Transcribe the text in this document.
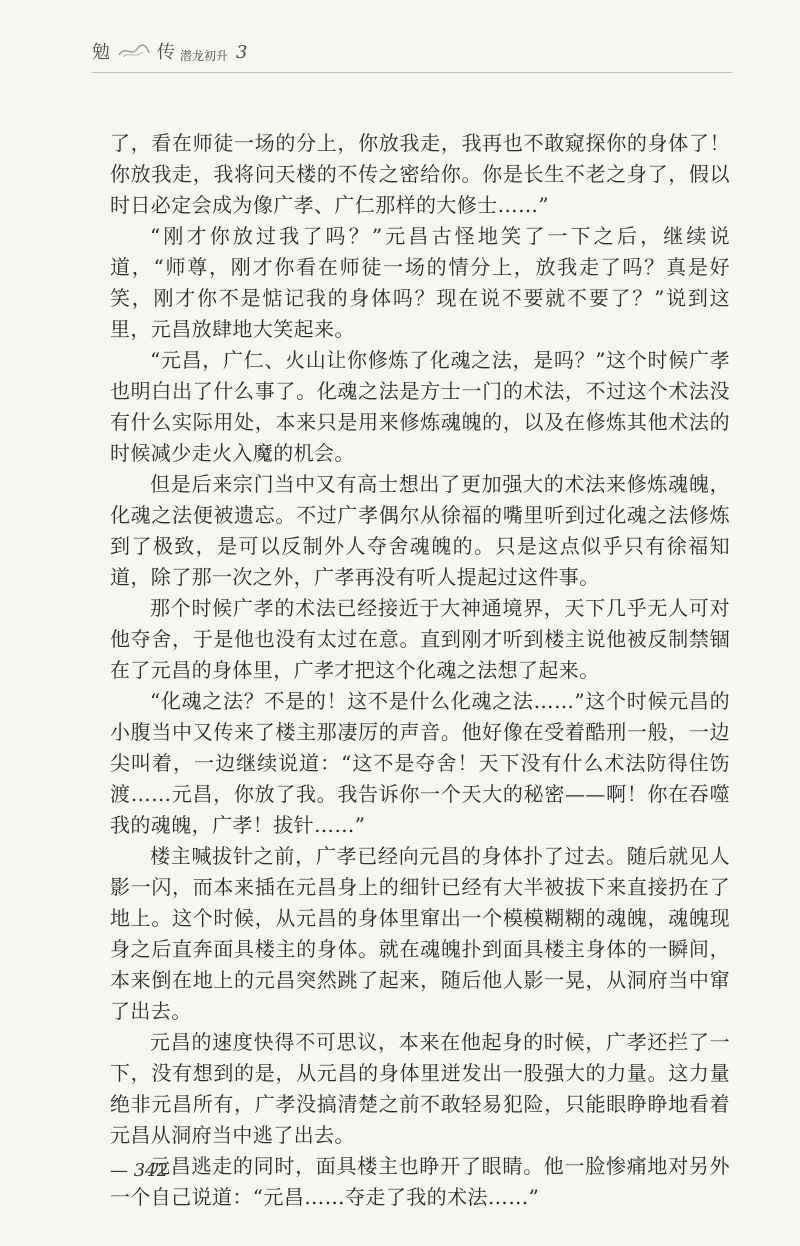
勉	传 潜龙初升 3

了，看在师徒一场的分上，你放我走，我再也不敢窥探你的身体了！你放我走，我将问天楼的不传之密给你。你是长生不老之身了，假以时日必定会成为像广孝、广仁那样的大修士……”

“刚才你放过我了吗？”元昌古怪地笑了一下之后，继续说道，“师尊，刚才你看在师徒一场的情分上，放我走了吗？真是好笑，刚才你不是惦记我的身体吗？现在说不要就不要了？”说到这里，元昌放肆地大笑起来。

“元昌，广仁、火山让你修炼了化魂之法，是吗？”这个时候广孝也明白出了什么事了。化魂之法是方士一门的术法，不过这个术法没有什么实际用处，本来只是用来修炼魂魄的，以及在修炼其他术法的时候减少走火入魔的机会。

但是后来宗门当中又有高士想出了更加强大的术法来修炼魂魄，化魂之法便被遗忘。不过广孝偶尔从徐福的嘴里听到过化魂之法修炼到了极致，是可以反制外人夺舍魂魄的。只是这点似乎只有徐福知道，除了那一次之外，广孝再没有听人提起过这件事。

那个时候广孝的术法已经接近于大神通境界，天下几乎无人可对他夺舍，于是他也没有太过在意。直到刚才听到楼主说他被反制禁锢在了元昌的身体里，广孝才把这个化魂之法想了起来。

“化魂之法？不是的！这不是什么化魂之法……”这个时候元昌的小腹当中又传来了楼主那凄厉的声音。他好像在受着酷刑一般，一边尖叫着，一边继续说道：“这不是夺舍！天下没有什么术法防得住饬渡……元昌，你放了我。我告诉你一个天大的秘密——啊！你在吞噬我的魂魄，广孝！拔针……”

楼主喊拔针之前，广孝已经向元昌的身体扑了过去。随后就见人影一闪，而本来插在元昌身上的细针已经有大半被拔下来直接扔在了地上。这个时候，从元昌的身体里窜出一个模模糊糊的魂魄，魂魄现身之后直奔面具楼主的身体。就在魂魄扑到面具楼主身体的一瞬间，本来倒在地上的元昌突然跳了起来，随后他人影一晃，从洞府当中窜了出去。

元昌的速度快得不可思议，本来在他起身的时候，广孝还拦了一下，没有想到的是，从元昌的身体里迸发出一股强大的力量。这力量绝非元昌所有，广孝没搞清楚之前不敢轻易犯险，只能眼睁睁地看着元昌从洞府当中逃了出去。

元昌逃走的同时，面具楼主也睁开了眼睛。他一脸惨痛地对另外一个自己说道：“元昌……夺走了我的术法……”

— 342
